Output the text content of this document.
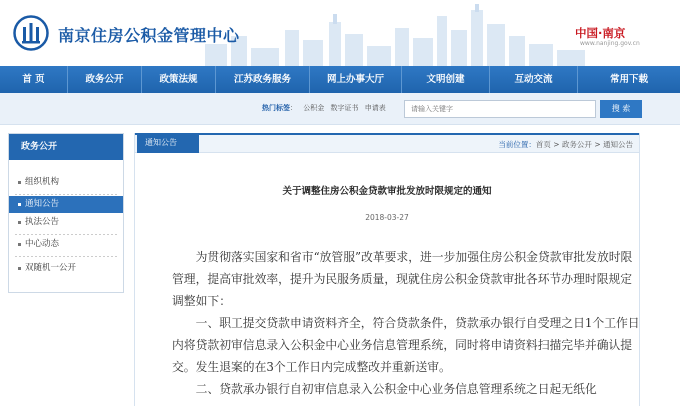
南京住房公积金管理中心	中国·南京
www.nanjing.gov.cn
首 页	政务公开	政策法规	江苏政务服务	网上办事大厅	文明创建	互动交流	常用下载
热门标签： 公积金 数字证书 申请表
请输入关键字	搜 索
政务公开
组织机构
通知公告
执法公告
中心动态
双随机一公开
通知公告	当前位置：首页 > 政务公开 > 通知公告
关于调整住房公积金贷款审批发放时限规定的通知
2018-03-27

为贯彻落实国家和省市“放管服”改革要求，进一步加强住房公积金贷款审批发放时限管理，提高审批效率，提升为民服务质量，现就住房公积金贷款审批各环节办理时限规定调整如下：

一、职工提交贷款申请资料齐全，符合贷款条件，贷款承办银行自受理之日1个工作日内将贷款初审信息录入公积金中心业务信息管理系统，同时将申请资料扫描完毕并确认提交。发生退案的在3个工作日内完成整改并重新送审。

二、贷款承办银行自初审信息录入公积金中心业务信息管理系统之日起无纸化
